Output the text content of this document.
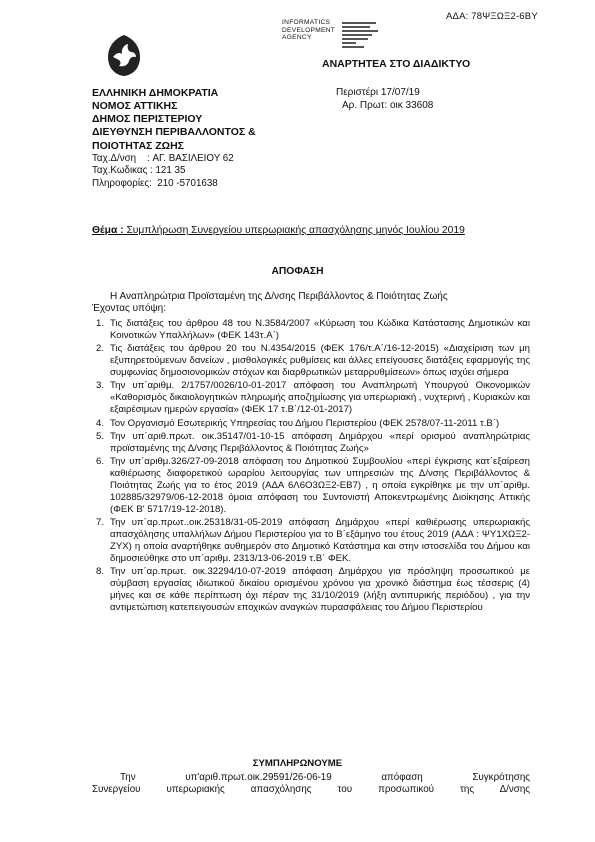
ΑΔΑ: 78ΨΞΩΞ2-6ΒΥ
INFORMATICS
DEVELOPMENT
AGENCY
ΑΝΑΡΤΗΤΕΑ ΣΤΟ ΔΙΑΔΙΚΤΥΟ
ΕΛΛΗΝΙΚΗ ΔΗΜΟΚΡΑΤΙΑ
ΝΟΜΟΣ ΑΤΤΙΚΗΣ
ΔΗΜΟΣ ΠΕΡΙΣΤΕΡΙΟΥ
ΔΙΕΥΘΥΝΣΗ ΠΕΡΙΒΑΛΛΟΝΤΟΣ &
ΠΟΙΟΤΗΤΑΣ ΖΩΗΣ
Ταχ.Δ/νση : ΑΓ. ΒΑΣΙΛΕΙΟΥ 62
Ταχ.Κωδικας : 121 35
Πληροφορίες:
210 -5701638
Περιστέρι 17/07/19
Αρ. Πρωτ: οικ 33608
Θέμα : Συμπλήρωση Συνεργείου υπερωριακής απασχόλησης μηνός Ιουλίου 2019
ΑΠΟΦΑΣΗ
Η Αναπληρώτρια Προϊσταμένη της Δ/νσης Περιβάλλοντος & Ποιότητας Ζωής
Έχοντας υπόψη:
1. Τις διατάξεις του άρθρου 48 του Ν.3584/2007 «Κύρωση του Κώδικα Κατάστασης Δημοτικών και Κοινοτικών Υπαλλήλων» (ΦΕΚ 143τ.Α΄)
2. Τις διατάξεις του άρθρου 20 του Ν.4354/2015 (ΦΕΚ 176/τ.Α΄/16-12-2015) «Διαχείριση των μη εξυπηρετούμενων δανείων , μισθολογικές ρυθμίσεις και άλλες επείγουσες διατάξεις εφαρμογής της συμφωνίας δημοσιονομικών στόχων και διαρθρωτικών μεταρρυθμίσεων» όπως ισχύει σήμερα
3. Την υπ΄αριθμ. 2/1757/0026/10-01-2017 απόφαση του Αναπληρωτή Υπουργού Οικονομικών «Καθορισμός δικαιολογητικών πληρωμής αποζημίωσης για υπερωριακή , νυχτερινή , Κυριακών και εξαιρέσιμων ημερών εργασία» (ΦΕΚ 17 τ.Β΄/12-01-2017)
4. Τον Οργανισμό Εσωτερικής Υπηρεσίας του Δήμου Περιστερίου (ΦΕΚ 2578/07-11-2011 τ.Β΄)
5. Την υπ΄αριθ.πρωτ. οικ.35147/01-10-15 απόφαση Δημάρχου «περί ορισμού αναπληρώτριας προϊσταμένης της Δ/νσης Περιβάλλοντος & Ποιότητας Ζωής»
6. Την υπ΄αριθμ.326/27-09-2018 απόφαση του Δημοτικού Συμβουλίου «περί έγκρισης κατ΄εξαίρεση καθιέρωσης διαφορετικού ωραρίου λειτουργίας των υπηρεσιών της Δ/νσης Περιβάλλοντος & Ποιότητας Ζωής για το έτος 2019 (ΑΔΑ 6Λ6Ο3ΩΞ2-ΕΒ7) , η οποία εγκρίθηκε με την υπ΄αριθμ. 102885/32979/06-12-2018 όμοια απόφαση του Συντονιστή Αποκεντρωμένης Διοίκησης Αττικής (ΦΕΚ Β' 5717/19-12-2018).
7. Την υπ΄αρ.πρωτ..οικ.25318/31-05-2019 απόφαση Δημάρχου «περί καθιέρωσης υπερωριακής απασχόλησης υπαλλήλων Δήμου Περιστερίου για το Β΄εξάμηνο του έτους 2019 (ΑΔΑ : ΨΥ1ΧΩΞ2-ΖΥΧ) η οποία αναρτήθηκε αυθημερόν στο Δημοτικό Κατάστημα και στην ιστοσελίδα του Δήμου και δημοσιεύθηκε στο υπ΄αριθμ. 2313/13-06-2019 τ.Β΄ ΦΕΚ.
8. Την υπ΄αρ.πρωτ. οικ.32294/10-07-2019 απόφαση Δημάρχου για πρόσληψη προσωπικού με σύμβαση εργασίας ιδιωτικού δικαίου ορισμένου χρόνου για χρονικό διάστημα έως τέσσερις (4) μήνες και σε κάθε περίπτωση όχι πέραν της 31/10/2019 (λήξη αντιπυρικής περιόδου) , για την αντιμετώπιση κατεπειγουσών εποχικών αναγκών πυρασφάλειας του Δήμου Περιστερίου
ΣΥΜΠΛΗΡΩΝΟΥΜΕ
Την     υπ'αριθ.πρωτ.οικ.29591/26-06-19     απόφαση     Συγκρότησης
Συνεργείου υπερωριακής απασχόλησης του προσωπικού της Δ/νσης
